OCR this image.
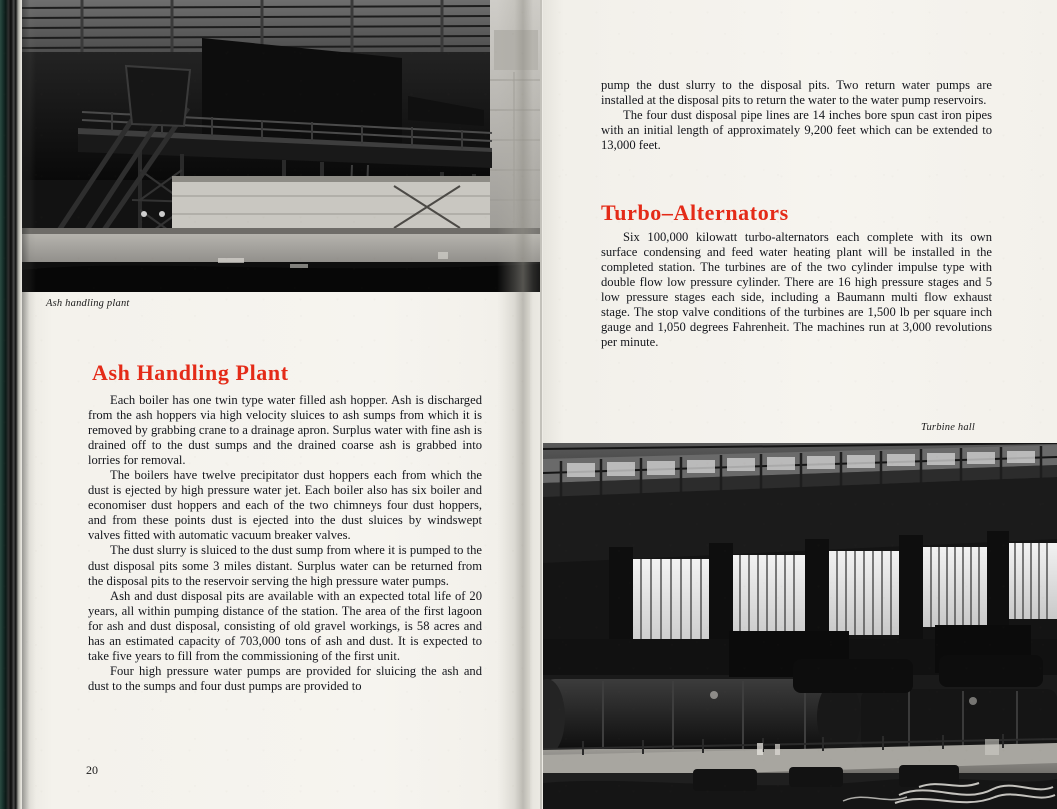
Ash handling plant
Ash Handling Plant

Each boiler has one twin type water filled ash hopper. Ash is discharged from the ash hoppers via high velocity sluices to ash sumps from which it is removed by grabbing crane to a drainage apron. Surplus water with fine ash is drained off to the dust sumps and the drained coarse ash is grabbed into lorries for removal.

The boilers have twelve precipitator dust hoppers each from which the dust is ejected by high pressure water jet. Each boiler also has six boiler and economiser dust hoppers and each of the two chimneys four dust hoppers, and from these points dust is ejected into the dust sluices by windswept valves fitted with automatic vacuum breaker valves.

The dust slurry is sluiced to the dust sump from where it is pumped to the dust disposal pits some 3 miles distant. Surplus water can be returned from the disposal pits to the reservoir serving the high pressure water pumps.

Ash and dust disposal pits are available with an expected total life of 20 years, all within pumping distance of the station. The area of the first lagoon for ash and dust disposal, consisting of old gravel workings, is 58 acres and has an estimated capacity of 703,000 tons of ash and dust. It is expected to take five years to fill from the commissioning of the first unit.

Four high pressure water pumps are provided for sluicing the ash and dust to the sumps and four dust pumps are provided to

20

pump the dust slurry to the disposal pits. Two return water pumps are installed at the disposal pits to return the water to the water pump reservoirs.

The four dust disposal pipe lines are 14 inches bore spun cast iron pipes with an initial length of approximately 9,200 feet which can be extended to 13,000 feet.

Turbo–Alternators

Six 100,000 kilowatt turbo-alternators each complete with its own surface condensing and feed water heating plant will be installed in the completed station. The turbines are of the two cylinder impulse type with double flow low pressure cylinder. There are 16 high pressure stages and 5 low pressure stages each side, including a Baumann multi flow exhaust stage. The stop valve conditions of the turbines are 1,500 lb per square inch gauge and 1,050 degrees Fahrenheit. The machines run at 3,000 revolutions per minute.

Turbine hall
